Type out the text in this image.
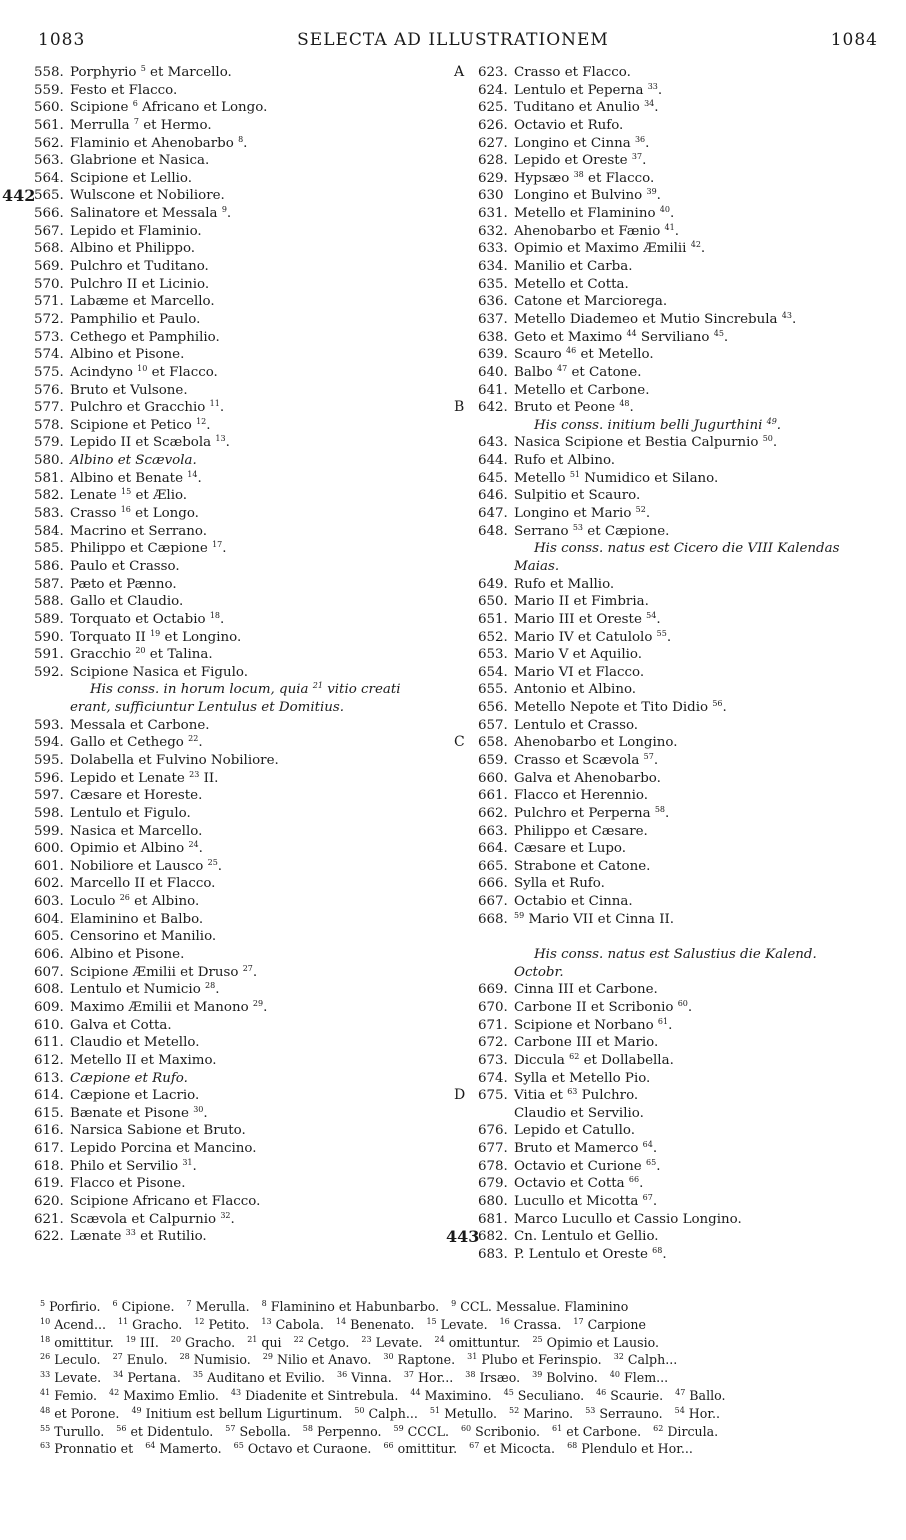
1083	SELECTA AD ILLUSTRATIONEM	1084
558. Porphyrio $^5$ et Marcello.
559. Festo et Flacco.
560. Scipione $^6$ Africano et Longo.
561. Merrulla $^7$ et Hermo.
562. Flaminio et Ahenobarbo $^8$.
563. Glabrione et Nasica.
564. Scipione et Lellio.
565. Wulscone et Nobiliore.
442
566. Salinatore et Messala $^9$.
567. Lepido et Flaminio.
568. Albino et Philippo.
569. Pulchro et Tuditano.
570. Pulchro II et Licinio.
571. Labæme et Marcello.
572. Pamphilio et Paulo.
573. Cethego et Pamphilio.
574. Albino et Pisone.
575. Acindyno $^{10}$ et Flacco.
576. Bruto et Vulsone.
577. Pulchro et Gracchio $^{11}$.
578. Scipione et Petico $^{12}$.
579. Lepido II et Scæbola $^{13}$.
580. Albino et Scævola.
581. Albino et Benate $^{14}$.
582. Lenate $^{15}$ et Ælio.
583. Crasso $^{16}$ et Longo.
584. Macrino et Serrano.
585. Philippo et Cæpione $^{17}$.
586. Paulo et Crasso.
587. Pæto et Pænno.
588. Gallo et Claudio.
589. Torquato et Octabio $^{18}$.
590. Torquato II $^{19}$ et Longino.
591. Gracchio $^{20}$ et Talina.
592. Scipione Nasica et Figulo.
His conss. in horum locum, quia $^{21}$ vitio creati
erant, sufficiuntur Lentulus et Domitius.
593. Messala et Carbone.
594. Gallo et Cethego $^{22}$.
595. Dolabella et Fulvino Nobiliore.
596. Lepido et Lenate $^{23}$ II.
597. Cæsare et Horeste.
598. Lentulo et Figulo.
599. Nasica et Marcello.
600. Opimio et Albino $^{24}$.
601. Nobiliore et Lausco $^{25}$.
602. Marcello II et Flacco.
603. Loculo $^{26}$ et Albino.
604. Elaminino et Balbo.
605. Censorino et Manilio.
606. Albino et Pisone.
607. Scipione Æmilii et Druso $^{27}$.
608. Lentulo et Numicio $^{28}$.
609. Maximo Æmilii et Manono $^{29}$.
610. Galva et Cotta.
611. Claudio et Metello.
612. Metello II et Maximo.
613. Cæpione et Rufo.
614. Cæpione et Lacrio.
615. Bænate et Pisone $^{30}$.
616. Narsica Sabione et Bruto.
617. Lepido Porcina et Mancino.
618. Philo et Servilio $^{31}$.
619. Flacco et Pisone.
620. Scipione Africano et Flacco.
621. Scævola et Calpurnio $^{32}$.
622. Lænate $^{33}$ et Rutilio.
623. Crasso et Flacco.
A
624. Lentulo et Peperna $^{33}$.
625. Tuditano et Anulio $^{34}$.
626. Octavio et Rufo.
627. Longino et Cinna $^{36}$.
628. Lepido et Oreste $^{37}$.
629. Hypsæo $^{38}$ et Flacco.
630 Longino et Bulvino $^{39}$.
631. Metello et Flaminino $^{40}$.
632. Ahenobarbo et Fænio $^{41}$.
633. Opimio et Maximo Æmilii $^{42}$.
634. Manilio et Carba.
635. Metello et Cotta.
636. Catone et Marciorega.
637. Metello Diademeo et Mutio Sincrebula $^{43}$.
638. Geto et Maximo $^{44}$ Serviliano $^{45}$.
639. Scauro $^{46}$ et Metello.
640. Balbo $^{47}$ et Catone.
641. Metello et Carbone.
642. Bruto et Peone $^{48}$.
B
His conss. initium belli Jugurthini $^{49}$.
643. Nasica Scipione et Bestia Calpurnio $^{50}$.
644. Rufo et Albino.
645. Metello $^{51}$ Numidico et Silano.
646. Sulpitio et Scauro.
647. Longino et Mario $^{52}$.
648. Serrano $^{53}$ et Cæpione.
His conss. natus est Cicero die VIII Kalendas
Maias.
649. Rufo et Mallio.
650. Mario II et Fimbria.
651. Mario III et Oreste $^{54}$.
652. Mario IV et Catulolo $^{55}$.
653. Mario V et Aquilio.
654. Mario VI et Flacco.
655. Antonio et Albino.
656. Metello Nepote et Tito Didio $^{56}$.
657. Lentulo et Crasso.
658. Ahenobarbo et Longino.
C
659. Crasso et Scævola $^{57}$.
660. Galva et Ahenobarbo.
661. Flacco et Herennio.
662. Pulchro et Perperna $^{58}$.
663. Philippo et Cæsare.
664. Cæsare et Lupo.
665. Strabone et Catone.
666. Sylla et Rufo.
667. Octabio et Cinna.
668. $^{59}$ Mario VII et Cinna II.
His conss. natus est Salustius die Kalend.
Octobr.
669. Cinna III et Carbone.
670. Carbone II et Scribonio $^{60}$.
671. Scipione et Norbano $^{61}$.
672. Carbone III et Mario.
673. Diccula $^{62}$ et Dollabella.
674. Sylla et Metello Pio.
675. Vitia et $^{63}$ Pulchro.
D
Claudio et Servilio.
676. Lepido et Catullo.
677. Bruto et Mamerco $^{64}$.
678. Octavio et Curione $^{65}$.
679. Octavio et Cotta $^{66}$.
680. Lucullo et Micotta $^{67}$.
681. Marco Lucullo et Cassio Longino.
682. Cn. Lentulo et Gellio.
443
683. P. Lentulo et Oreste $^{68}$.
$^5$ Porfirio.   $^6$ Cipione.   $^7$ Merulla.   $^8$ Flaminino et Habunbarbo.   $^9$ CCL. Messalue. Flaminino
$^{10}$ Acend...   $^{11}$ Gracho.   $^{12}$ Petito.   $^{13}$ Cabola.   $^{14}$ Benenato.   $^{15}$ Levate.   $^{16}$ Crassa.   $^{17}$ Carpione
$^{18}$ omittitur.   $^{19}$ III.   $^{20}$ Gracho.   $^{21}$ qui   $^{22}$ Cetgo.   $^{23}$ Levate.   $^{24}$ omittuntur.   $^{25}$ Opimio et Lausio.
$^{26}$ Leculo.   $^{27}$ Enulo.   $^{28}$ Numisio.   $^{29}$ Nilio et Anavo.   $^{30}$ Raptone.   $^{31}$ Plubo et Ferinspio.   $^{32}$ Calph...
$^{33}$ Levate.   $^{34}$ Pertana.   $^{35}$ Auditano et Evilio.   $^{36}$ Vinna.   $^{37}$ Hor...   $^{38}$ Irsæo.   $^{39}$ Bolvino.   $^{40}$ Flem...
$^{41}$ Femio.   $^{42}$ Maximo Emlio.   $^{43}$ Diadenite et Sintrebula.   $^{44}$ Maximino.   $^{45}$ Seculiano.   $^{46}$ Scaurie.   $^{47}$ Ballo.
$^{48}$ et Porone.   $^{49}$ Initium est bellum Ligurtinum.   $^{50}$ Calph...   $^{51}$ Metullo.   $^{52}$ Marino.   $^{53}$ Serrauno.   $^{54}$ Hor..
$^{55}$ Turullo.   $^{56}$ et Didentulo.   $^{57}$ Sebolla.   $^{58}$ Perpenno.   $^{59}$ CCCL.   $^{60}$ Scribonio.   $^{61}$ et Carbone.   $^{62}$ Dircula.
$^{63}$ Pronnatio et   $^{64}$ Mamerto.   $^{65}$ Octavo et Curaone.   $^{66}$ omittitur.   $^{67}$ et Micocta.   $^{68}$ Plendulo et Hor...
